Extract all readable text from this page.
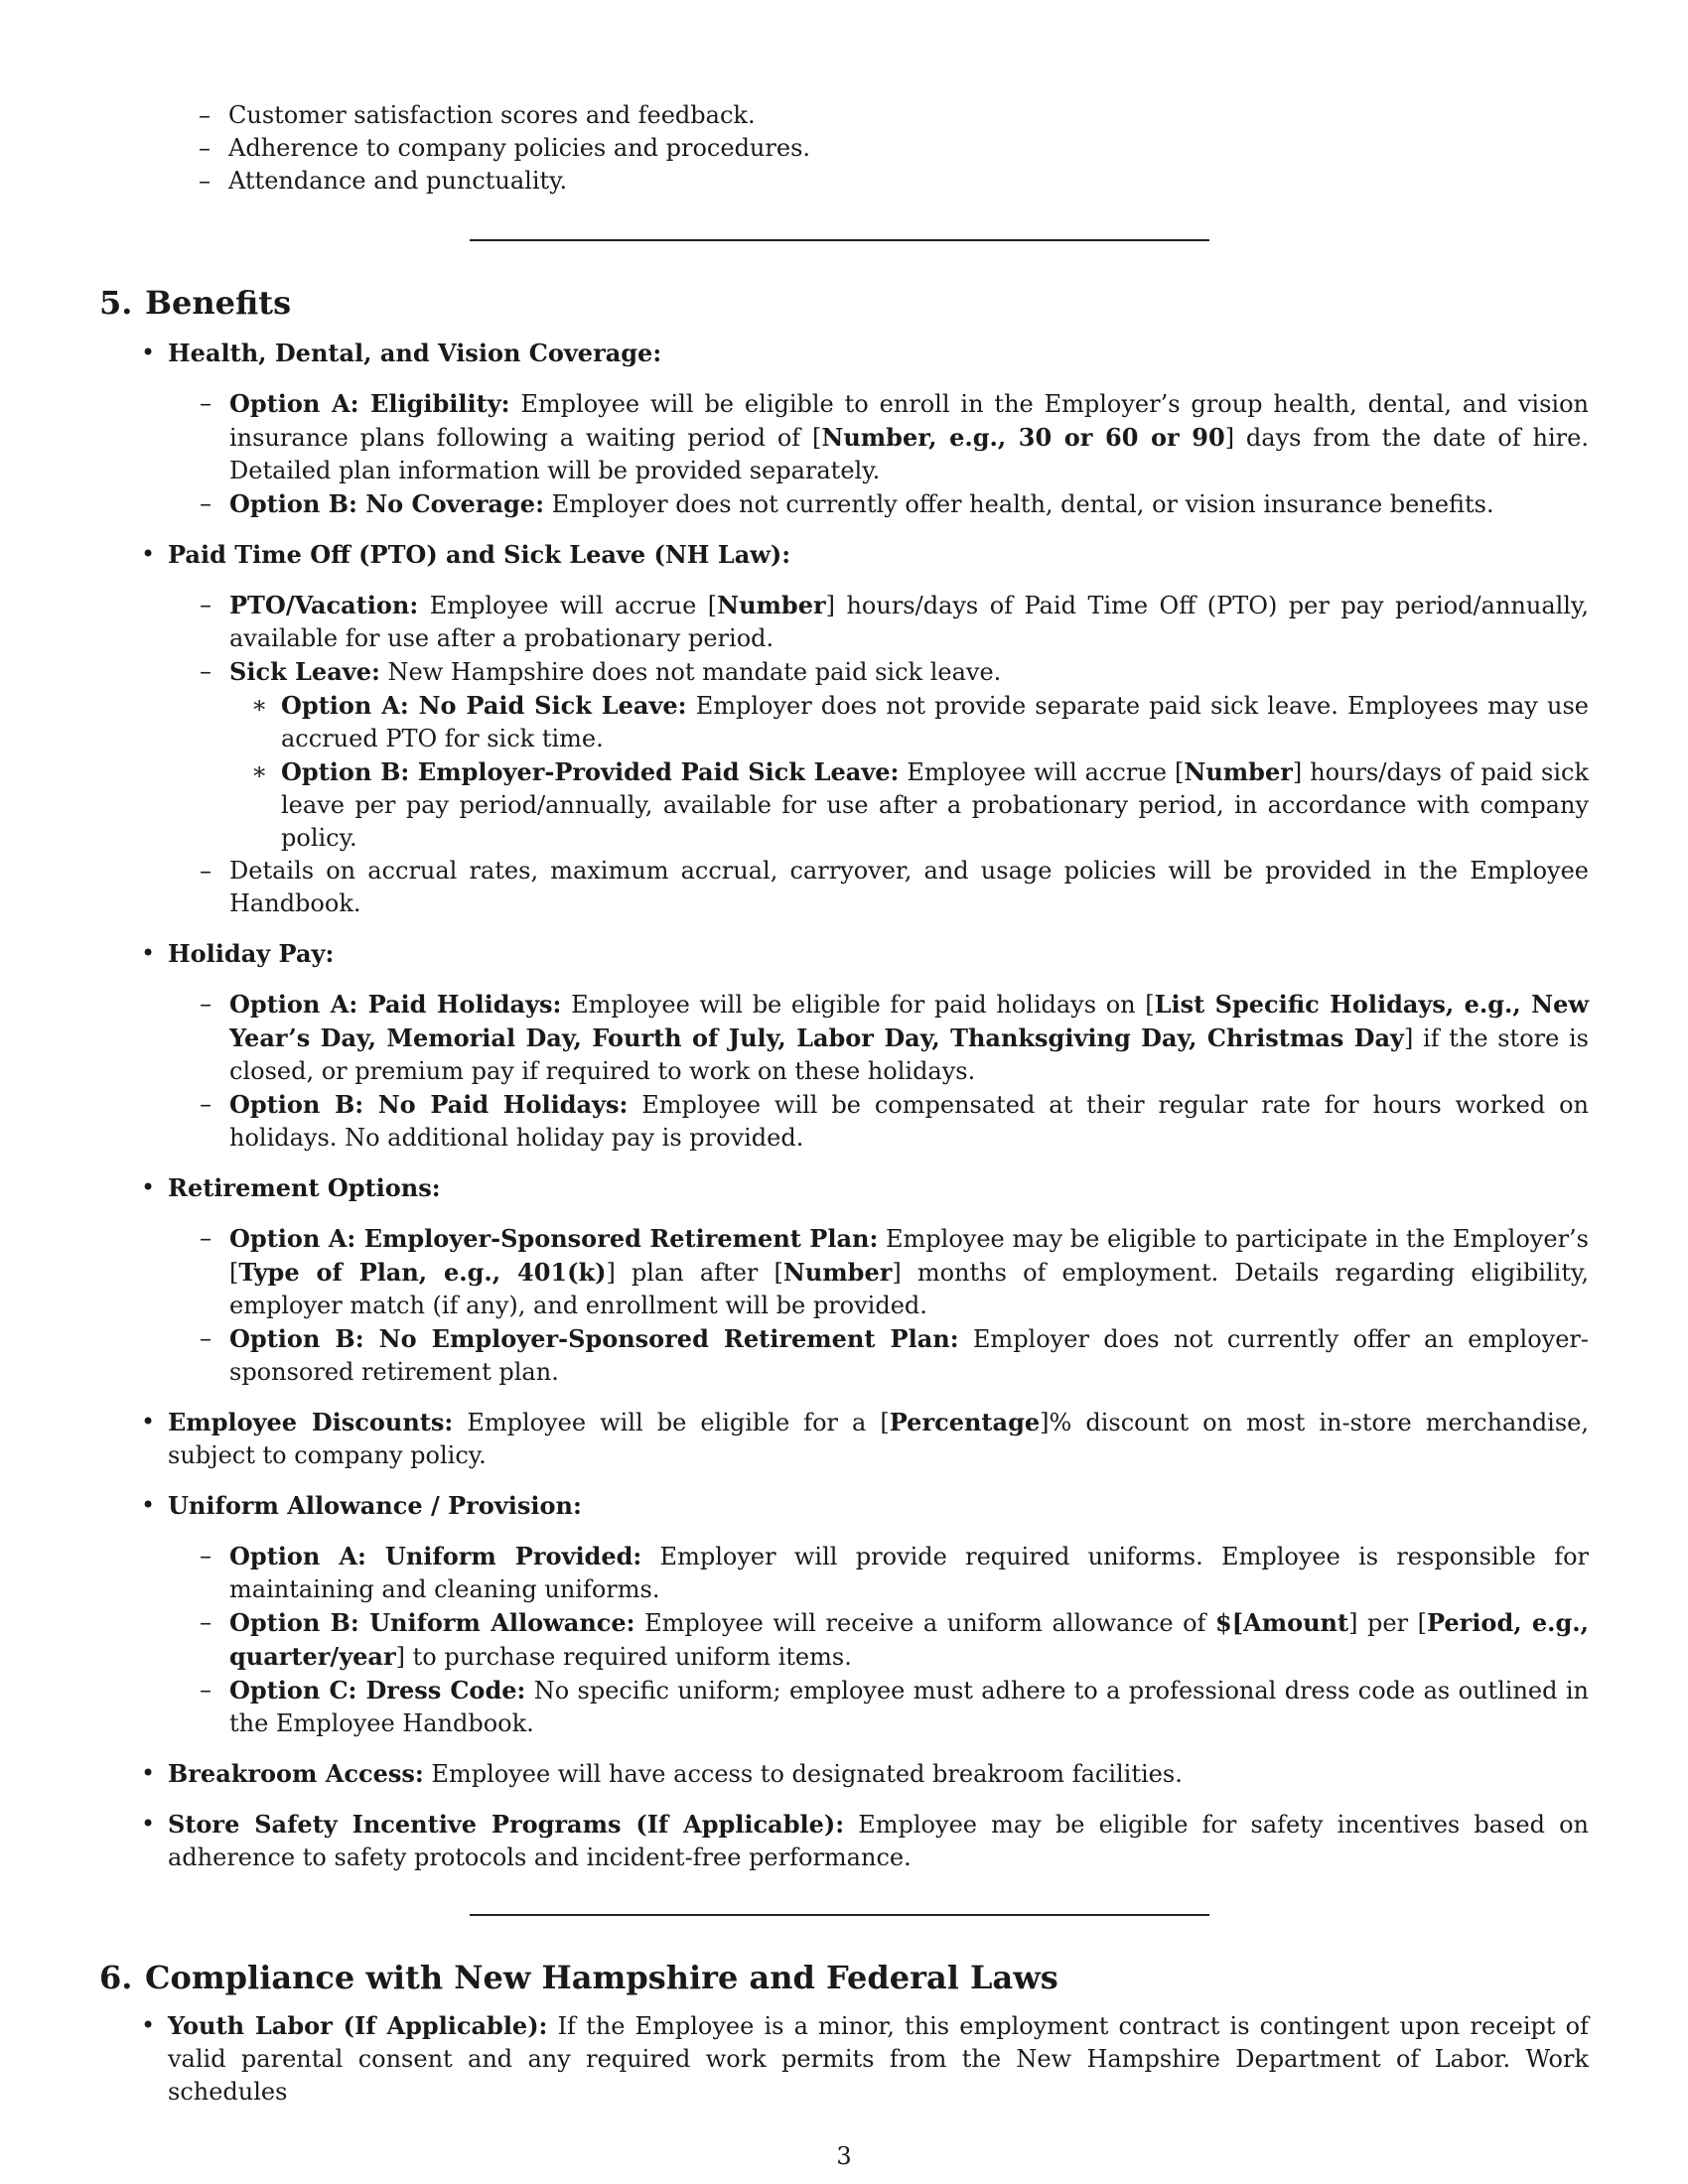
– Customer satisfaction scores and feedback.
– Adherence to company policies and procedures.
– Attendance and punctuality.
5. Benefits
• Health, Dental, and Vision Coverage:
– Option A: Eligibility: Employee will be eligible to enroll in the Employer’s group health, dental, and vision insurance plans following a waiting period of [Number, e.g., 30 or 60 or 90] days from the date of hire. Detailed plan information will be provided separately.
– Option B: No Coverage: Employer does not currently offer health, dental, or vision insurance benefits.
• Paid Time Off (PTO) and Sick Leave (NH Law):
– PTO/Vacation: Employee will accrue [Number] hours/days of Paid Time Off (PTO) per pay period/annually, available for use after a probationary period.
– Sick Leave: New Hampshire does not mandate paid sick leave.
∗ Option A: No Paid Sick Leave: Employer does not provide separate paid sick leave. Employees may use accrued PTO for sick time.
∗ Option B: Employer-Provided Paid Sick Leave: Employee will accrue [Number] hours/days of paid sick leave per pay period/annually, available for use after a probationary period, in accordance with company policy.
– Details on accrual rates, maximum accrual, carryover, and usage policies will be provided in the Employee Handbook.
• Holiday Pay:
– Option A: Paid Holidays: Employee will be eligible for paid holidays on [List Specific Holidays, e.g., New Year’s Day, Memorial Day, Fourth of July, Labor Day, Thanksgiving Day, Christmas Day] if the store is closed, or premium pay if required to work on these holidays.
– Option B: No Paid Holidays: Employee will be compensated at their regular rate for hours worked on holidays. No additional holiday pay is provided.
• Retirement Options:
– Option A: Employer-Sponsored Retirement Plan: Employee may be eligible to participate in the Employer’s [Type of Plan, e.g., 401(k)] plan after [Number] months of employment. Details regarding eligibility, employer match (if any), and enrollment will be provided.
– Option B: No Employer-Sponsored Retirement Plan: Employer does not currently offer an employer-sponsored retirement plan.
• Employee Discounts: Employee will be eligible for a [Percentage]% discount on most in-store merchandise, subject to company policy.
• Uniform Allowance / Provision:
– Option A: Uniform Provided: Employer will provide required uniforms. Employee is responsible for maintaining and cleaning uniforms.
– Option B: Uniform Allowance: Employee will receive a uniform allowance of $[Amount] per [Period, e.g., quarter/year] to purchase required uniform items.
– Option C: Dress Code: No specific uniform; employee must adhere to a professional dress code as outlined in the Employee Handbook.
• Breakroom Access: Employee will have access to designated breakroom facilities.
• Store Safety Incentive Programs (If Applicable): Employee may be eligible for safety incentives based on adherence to safety protocols and incident-free performance.
6. Compliance with New Hampshire and Federal Laws
• Youth Labor (If Applicable): If the Employee is a minor, this employment contract is contingent upon receipt of valid parental consent and any required work permits from the New Hampshire Department of Labor. Work schedules
3
